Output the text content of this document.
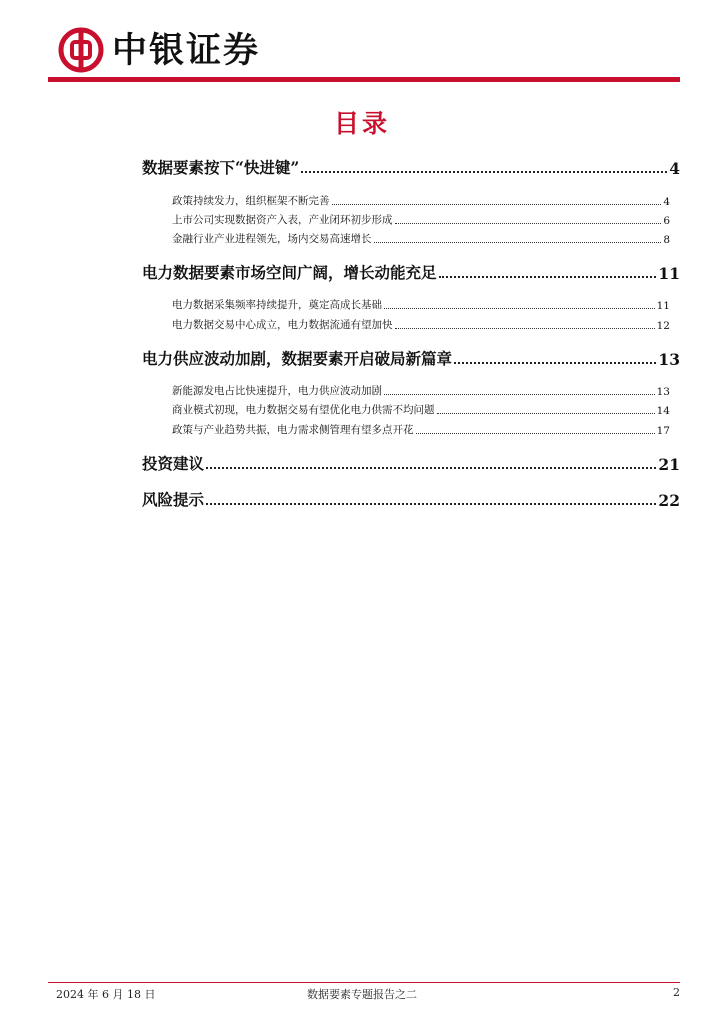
中银证券
目录
数据要素按下“快进键”	4
政策持续发力，组织框架不断完善	4
上市公司实现数据资产入表，产业闭环初步形成	6
金融行业产业进程领先，场内交易高速增长	8
电力数据要素市场空间广阔，增长动能充足	11
电力数据采集频率持续提升，奠定高成长基础	11
电力数据交易中心成立，电力数据流通有望加快	12
电力供应波动加剧，数据要素开启破局新篇章	13
新能源发电占比快速提升，电力供应波动加剧	13
商业模式初现，电力数据交易有望优化电力供需不均问题	14
政策与产业趋势共振，电力需求侧管理有望多点开花	17
投资建议	21
风险提示	22
2024 年 6 月 18 日	数据要素专题报告之二	2
